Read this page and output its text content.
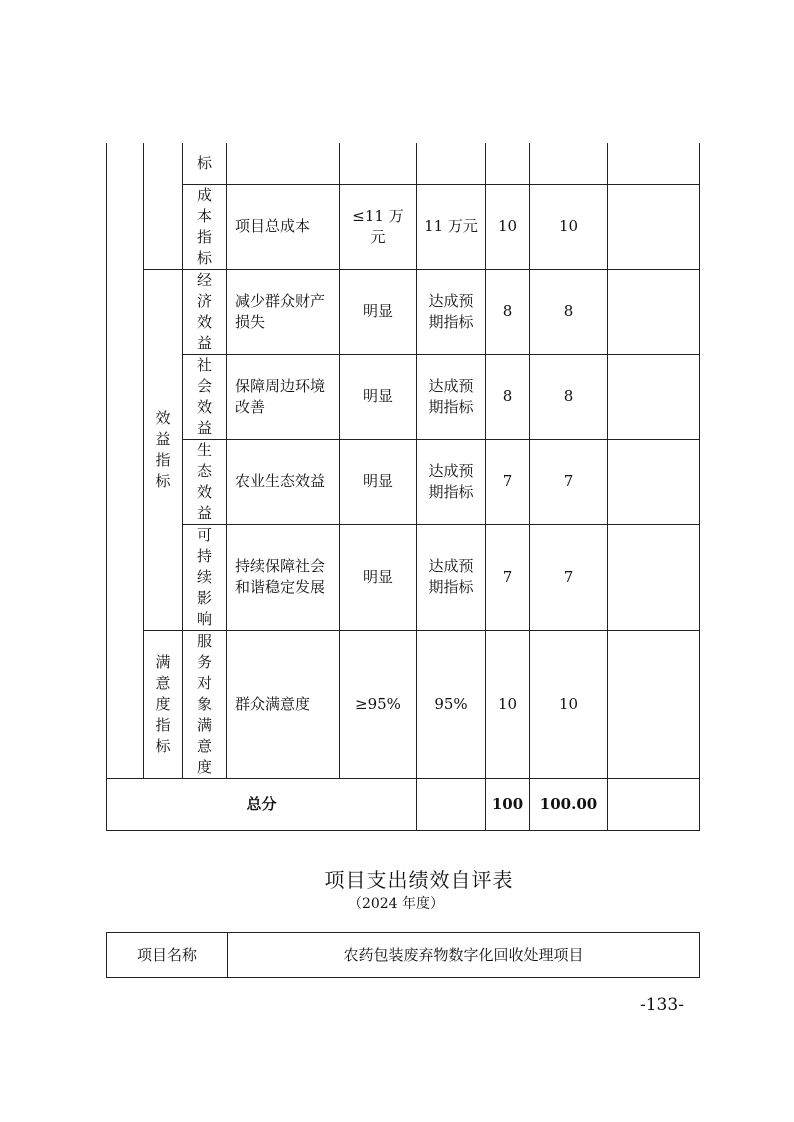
		标						
		成本指标	项目总成本	≤11 万元	11 万元	10	10	
	效益指标	经济效益	减少群众财产损失	明显	达成预期指标	8	8	
		社会效益	保障周边环境改善	明显	达成预期指标	8	8	
		生态效益	农业生态效益	明显	达成预期指标	7	7	
		可持续影响	持续保障社会和谐稳定发展	明显	达成预期指标	7	7	
	满意度指标	服务对象满意度	群众满意度	≥95%	95%	10	10	
总分						100	100.00	
项目支出绩效自评表
（2024 年度）
项目名称	农药包装废弃物数字化回收处理项目
-133-
